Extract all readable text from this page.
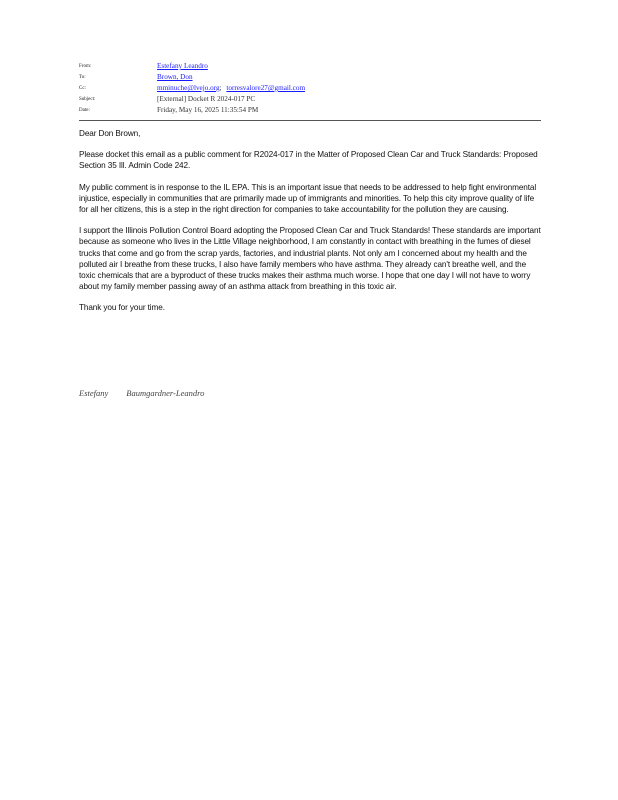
From:	Estefany Leandro
To:	Brown, Don
Cc:	mminuche@lvejo.org; torresvalore27@gmail.com
Subject:	[External] Docket R 2024-017 PC
Date:	Friday, May 16, 2025 11:35:54 PM

Dear Don Brown,

Please docket this email as a public comment for R2024-017 in the Matter of Proposed Clean Car and Truck Standards: Proposed Section 35 Ill. Admin Code 242.

My public comment is in response to the IL EPA. This is an important issue that needs to be addressed to help fight environmental injustice, especially in communities that are primarily made up of immigrants and minorities. To help this city improve quality of life for all her citizens, this is a step in the right direction for companies to take accountability for the pollution they are causing.

I support the Illinois Pollution Control Board adopting the Proposed Clean Car and Truck Standards! These standards are important because as someone who lives in the Little Village neighborhood, I am constantly in contact with breathing in the fumes of diesel trucks that come and go from the scrap yards, factories, and industrial plants. Not only am I concerned about my health and the polluted air I breathe from these trucks, I also have family members who have asthma. They already can't breathe well, and the toxic chemicals that are a byproduct of these trucks makes their asthma much worse. I hope that one day I will not have to worry about my family member passing away of an asthma attack from breathing in this toxic air.

Thank you for your time.

Estefany Baumgardner-Leandro
